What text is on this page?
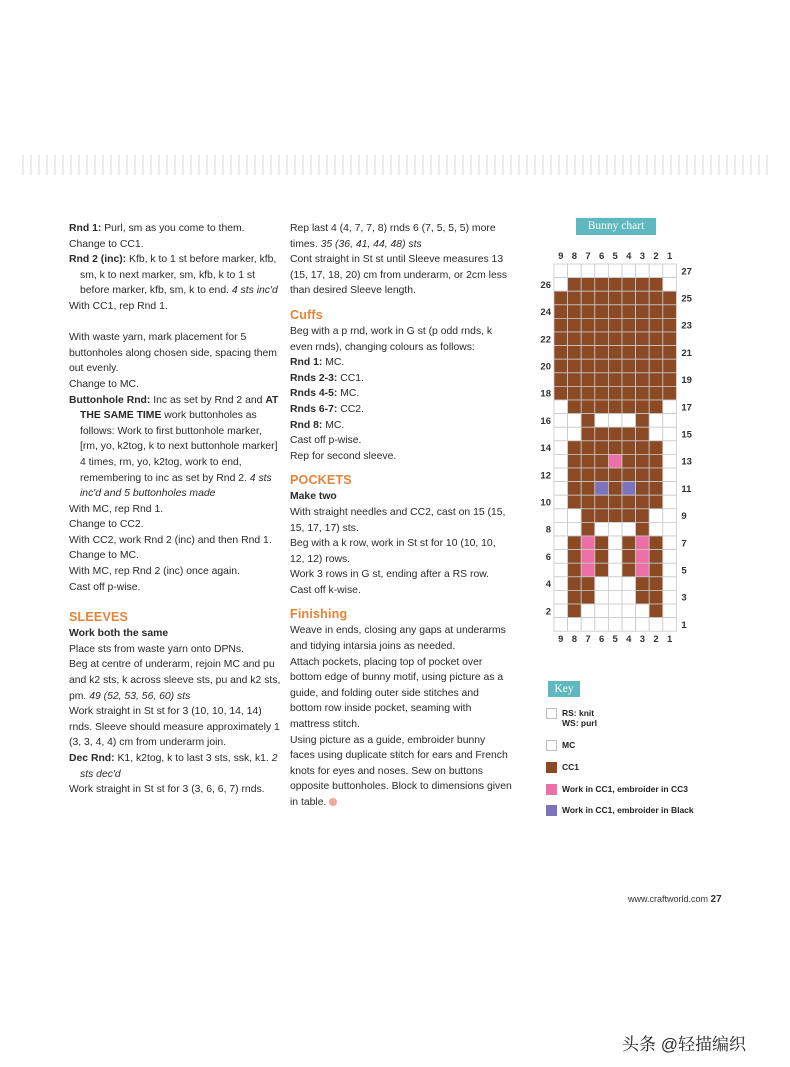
Rnd 1: Purl, sm as you come to them.

Change to CC1.

Rnd 2 (inc): Kfb, k to 1 st before marker, kfb, sm, k to next marker, sm, kfb, k to 1 st before marker, kfb, sm, k to end. 4 sts inc'd

With CC1, rep Rnd 1.

With waste yarn, mark placement for 5 buttonholes along chosen side, spacing them out evenly.

Change to MC.

Buttonhole Rnd: Inc as set by Rnd 2 and AT THE SAME TIME work buttonholes as follows: Work to first buttonhole marker, [rm, yo, k2tog, k to next buttonhole marker] 4 times, rm, yo, k2tog, work to end, remembering to inc as set by Rnd 2. 4 sts inc'd and 5 buttonholes made

With MC, rep Rnd 1.

Change to CC2.

With CC2, work Rnd 2 (inc) and then Rnd 1.

Change to MC.

With MC, rep Rnd 2 (inc) once again.

Cast off p-wise.

SLEEVES

Work both the same

Place sts from waste yarn onto DPNs.

Beg at centre of underarm, rejoin MC and pu and k2 sts, k across sleeve sts, pu and k2 sts, pm. 49 (52, 53, 56, 60) sts

Work straight in St st for 3 (10, 10, 14, 14) rnds. Sleeve should measure approximately 1 (3, 3, 4, 4) cm from underarm join.

Dec Rnd: K1, k2tog, k to last 3 sts, ssk, k1. 2 sts dec'd

Work straight in St st for 3 (3, 6, 6, 7) rnds.

Rep last 4 (4, 7, 7, 8) rnds 6 (7, 5, 5, 5) more times. 35 (36, 41, 44, 48) sts

Cont straight in St st until Sleeve measures 13 (15, 17, 18, 20) cm from underarm, or 2cm less than desired Sleeve length.

Cuffs

Beg with a p rnd, work in G st (p odd rnds, k even rnds), changing colours as follows:

Rnd 1: MC.

Rnds 2-3: CC1.

Rnds 4-5: MC.

Rnds 6-7: CC2.

Rnd 8: MC.

Cast off p-wise.

Rep for second sleeve.

POCKETS

Make two

With straight needles and CC2, cast on 15 (15, 15, 17, 17) sts.

Beg with a k row, work in St st for 10 (10, 10, 12, 12) rows.

Work 3 rows in G st, ending after a RS row.

Cast off k-wise.

Finishing

Weave in ends, closing any gaps at underarms and tidying intarsia joins as needed.

Attach pockets, placing top of pocket over bottom edge of bunny motif, using picture as a guide, and folding outer side stitches and bottom row inside pocket, seaming with mattress stitch.

Using picture as a guide, embroider bunny faces using duplicate stitch for ears and French knots for eyes and noses. Sew on buttons opposite buttonholes. Block to dimensions given in table.

Bunny chart
9
9
8
8
7
7
6
6
5
5
4
4
3
3
2
2
1
1
27
26
25
24
23
22
21
20
19
18
17
16
15
14
13
12
11
10
9
8
7
6
5
4
3
2
1
Key
RS: knit
WS: purl
MC
CC1
Work in CC1, embroider in CC3
Work in CC1, embroider in Black
www.craftworld.com 27
头条 @轻描编织
